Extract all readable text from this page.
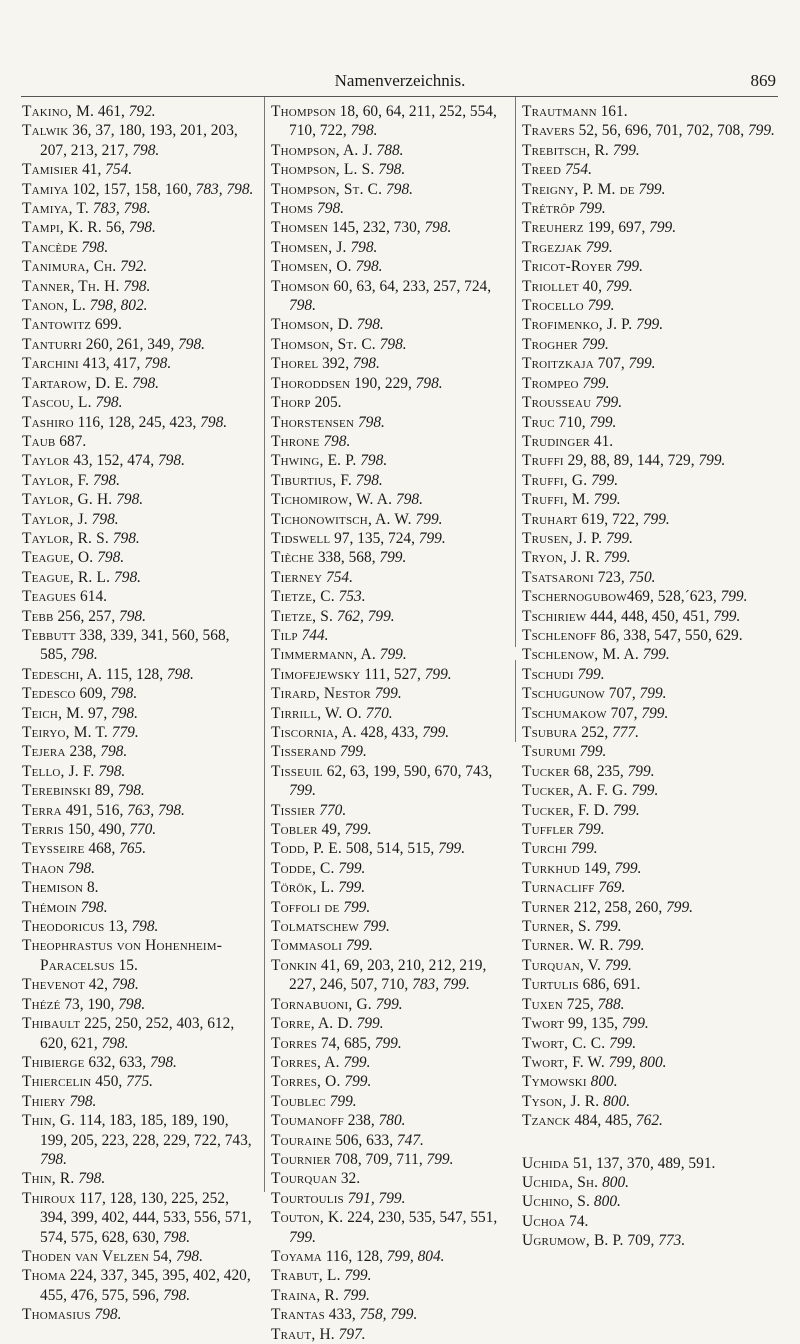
Namenverzeichnis.	869
Takino, M. 461, 792.
Talwik 36, 37, 180, 193, 201, 203, 207, 213, 217, 798.
Tamisier 41, 754.
Tamiya 102, 157, 158, 160, 783, 798.
Tamiya, T. 783, 798.
Tampi, K. R. 56, 798.
Tancède 798.
Tanimura, Ch. 792.
Tanner, Th. H. 798.
Tanon, L. 798, 802.
Tantowitz 699.
Tanturri 260, 261, 349, 798.
Tarchini 413, 417, 798.
Tartarow, D. E. 798.
Tascou, L. 798.
Tashiro 116, 128, 245, 423, 798.
Taub 687.
Taylor 43, 152, 474, 798.
Taylor, F. 798.
Taylor, G. H. 798.
Taylor, J. 798.
Taylor, R. S. 798.
Teague, O. 798.
Teague, R. L. 798.
Teagues 614.
Tebb 256, 257, 798.
Tebbutt 338, 339, 341, 560, 568, 585, 798.
Tedeschi, A. 115, 128, 798.
Tedesco 609, 798.
Teich, M. 97, 798.
Teiryo, M. T. 779.
Tejera 238, 798.
Tello, J. F. 798.
Terebinski 89, 798.
Terra 491, 516, 763, 798.
Terris 150, 490, 770.
Teysseire 468, 765.
Thaon 798.
Themison 8.
Thémoin 798.
Theodoricus 13, 798.
Theophrastus von Hohenheim-Paracelsus 15.
Thevenot 42, 798.
Thézé 73, 190, 798.
Thibault 225, 250, 252, 403, 612, 620, 621, 798.
Thibierge 632, 633, 798.
Thiercelin 450, 775.
Thiery 798.
Thin, G. 114, 183, 185, 189, 190, 199, 205, 223, 228, 229, 722, 743, 798.
Thin, R. 798.
Thiroux 117, 128, 130, 225, 252, 394, 399, 402, 444, 533, 556, 571, 574, 575, 628, 630, 798.
Thoden van Velzen 54, 798.
Thoma 224, 337, 345, 395, 402, 420, 455, 476, 575, 596, 798.
Thomasius 798.
Thompson 18, 60, 64, 211, 252, 554, 710, 722, 798.
Thompson, A. J. 788.
Thompson, L. S. 798.
Thompson, St. C. 798.
Thoms 798.
Thomsen 145, 232, 730, 798.
Thomsen, J. 798.
Thomsen, O. 798.
Thomson 60, 63, 64, 233, 257, 724, 798.
Thomson, D. 798.
Thomson, St. C. 798.
Thorel 392, 798.
Thoroddsen 190, 229, 798.
Thorp 205.
Thorstensen 798.
Throne 798.
Thwing, E. P. 798.
Tiburtius, F. 798.
Tichomirow, W. A. 798.
Tichonowitsch, A. W. 799.
Tidswell 97, 135, 724, 799.
Tièche 338, 568, 799.
Tierney 754.
Tietze, C. 753.
Tietze, S. 762, 799.
Tilp 744.
Timmermann, A. 799.
Timofejewsky 111, 527, 799.
Tirard, Nestor 799.
Tirrill, W. O. 770.
Tiscornia, A. 428, 433, 799.
Tisserand 799.
Tisseuil 62, 63, 199, 590, 670, 743, 799.
Tissier 770.
Tobler 49, 799.
Todd, P. E. 508, 514, 515, 799.
Todde, C. 799.
Török, L. 799.
Toffoli de 799.
Tolmatschew 799.
Tommasoli 799.
Tonkin 41, 69, 203, 210, 212, 219, 227, 246, 507, 710, 783, 799.
Tornabuoni, G. 799.
Torre, A. D. 799.
Torres 74, 685, 799.
Torres, A. 799.
Torres, O. 799.
Toublec 799.
Toumanoff 238, 780.
Touraine 506, 633, 747.
Tournier 708, 709, 711, 799.
Tourquan 32.
Tourtoulis 791, 799.
Touton, K. 224, 230, 535, 547, 551, 799.
Toyama 116, 128, 799, 804.
Trabut, L. 799.
Traina, R. 799.
Trantas 433, 758, 799.
Traut, H. 797.
Trautmann 161.
Travers 52, 56, 696, 701, 702, 708, 799.
Trebitsch, R. 799.
Treed 754.
Treigny, P. M. de 799.
Trétrôp 799.
Treuherz 199, 697, 799.
Trgezjak 799.
Tricot-Royer 799.
Triollet 40, 799.
Trocello 799.
Trofimenko, J. P. 799.
Trogher 799.
Troitzkaja 707, 799.
Trompeo 799.
Trousseau 799.
Truc 710, 799.
Trudinger 41.
Truffi 29, 88, 89, 144, 729, 799.
Truffi, G. 799.
Truffi, M. 799.
Truhart 619, 722, 799.
Trusen, J. P. 799.
Tryon, J. R. 799.
Tsatsaroni 723, 750.
Tschernogubow469, 528,´623, 799.
Tschiriew 444, 448, 450, 451, 799.
Tschlenoff 86, 338, 547, 550, 629.
Tschlenow, M. A. 799.
Tschudi 799.
Tschugunow 707, 799.
Tschumakow 707, 799.
Tsubura 252, 777.
Tsurumi 799.
Tucker 68, 235, 799.
Tucker, A. F. G. 799.
Tucker, F. D. 799.
Tuffler 799.
Turchi 799.
Turkhud 149, 799.
Turnacliff 769.
Turner 212, 258, 260, 799.
Turner, S. 799.
Turner. W. R. 799.
Turquan, V. 799.
Turtulis 686, 691.
Tuxen 725, 788.
Twort 99, 135, 799.
Twort, C. C. 799.
Twort, F. W. 799, 800.
Tymowski 800.
Tyson, J. R. 800.
Tzanck 484, 485, 762.
Uchida 51, 137, 370, 489, 591.
Uchida, Sh. 800.
Uchino, S. 800.
Uchoa 74.
Ugrumow, B. P. 709, 773.
